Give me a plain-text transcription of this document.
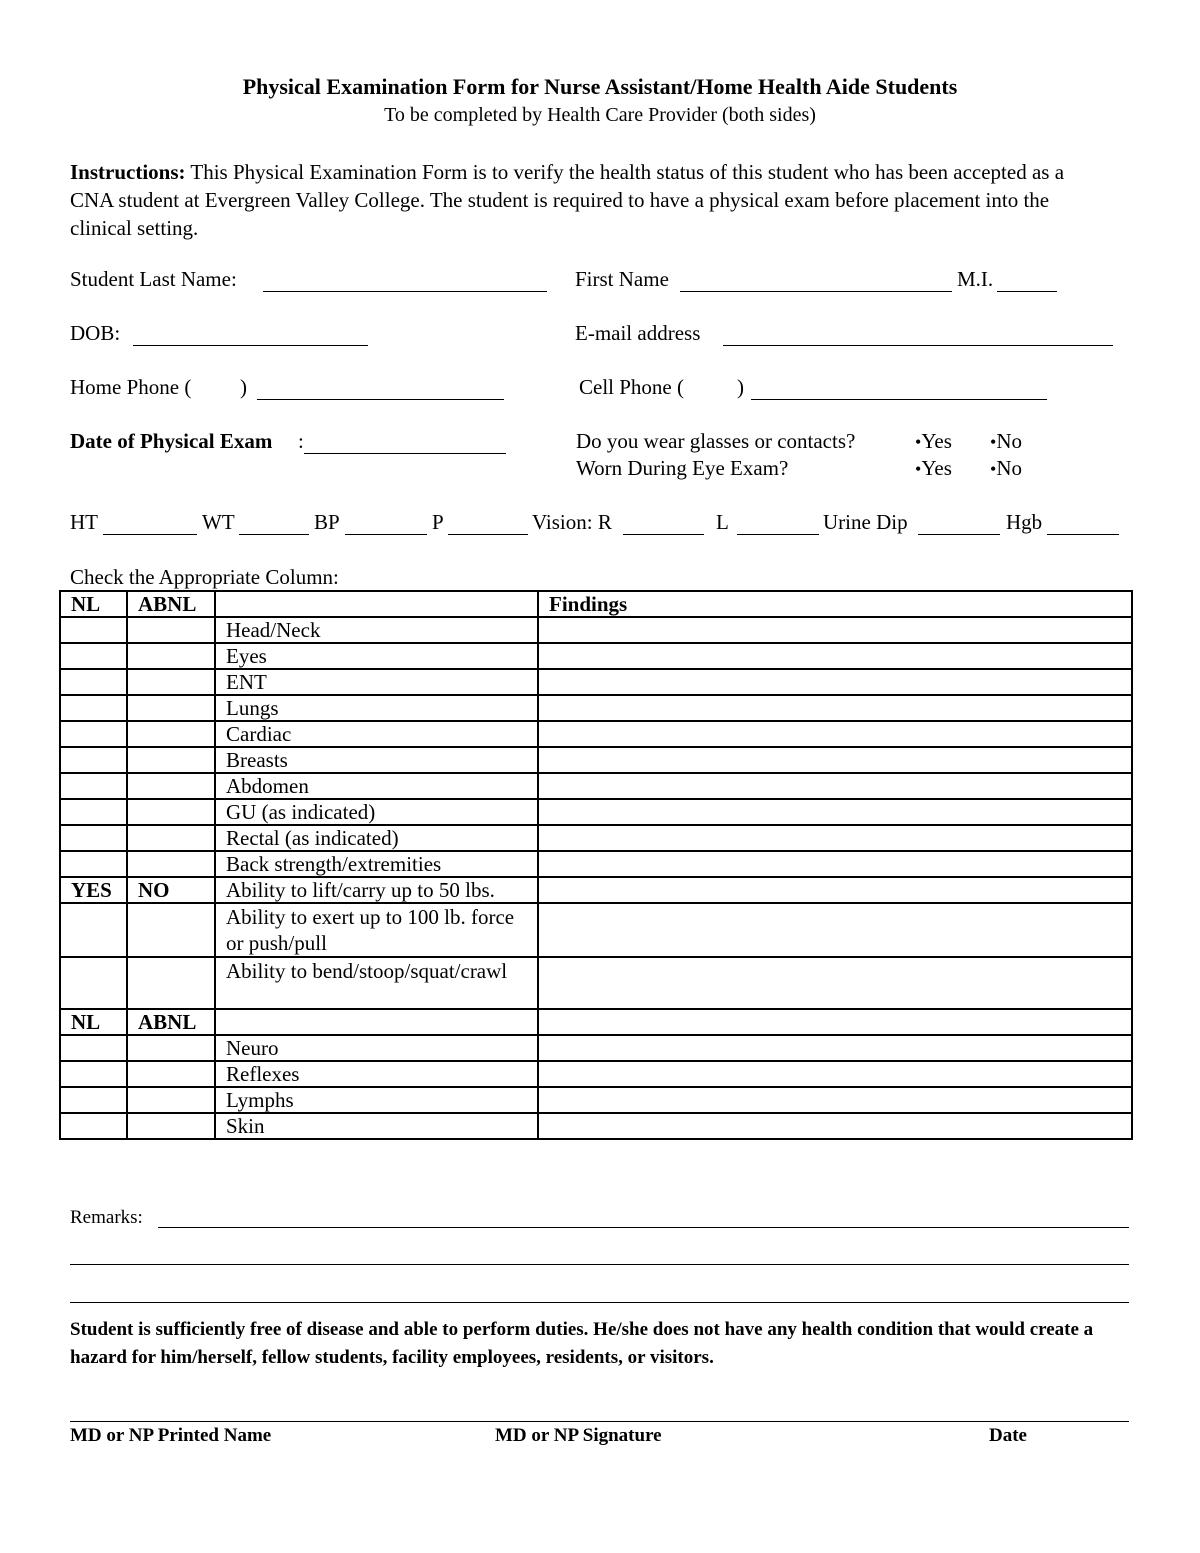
Physical Examination Form for Nurse Assistant/Home Health Aide Students
To be completed by Health Care Provider (both sides)
Instructions: This Physical Examination Form is to verify the health status of this student who has been accepted as a CNA student at Evergreen Valley College. The student is required to have a physical exam before placement into the clinical setting.
Student Last Name:	First Name	M.I.
DOB:	E-mail address
Home Phone ( )	Cell Phone (	)
Date of Physical Exam :	Do you wear glasses or contacts?	•Yes •No
Worn During Eye Exam?	•Yes •No
HT	WT	BP	P	Vision: R	L	Urine Dip	Hgb
Check the Appropriate Column:
NL	ABNL		Findings
		Head/Neck	
		Eyes	
		ENT	
		Lungs	
		Cardiac	
		Breasts	
		Abdomen	
		GU (as indicated)	
		Rectal (as indicated)	
		Back strength/extremities	
YES	NO	Ability to lift/carry up to 50 lbs.	
		Ability to exert up to 100 lb. force or push/pull	
		Ability to bend/stoop/squat/crawl	
NL	ABNL		
		Neuro	
		Reflexes	
		Lymphs	
		Skin	
Remarks:
Student is sufficiently free of disease and able to perform duties. He/she does not have any health condition that would create a hazard for him/herself, fellow students, facility employees, residents, or visitors.
MD or NP Printed Name	MD or NP Signature	Date
